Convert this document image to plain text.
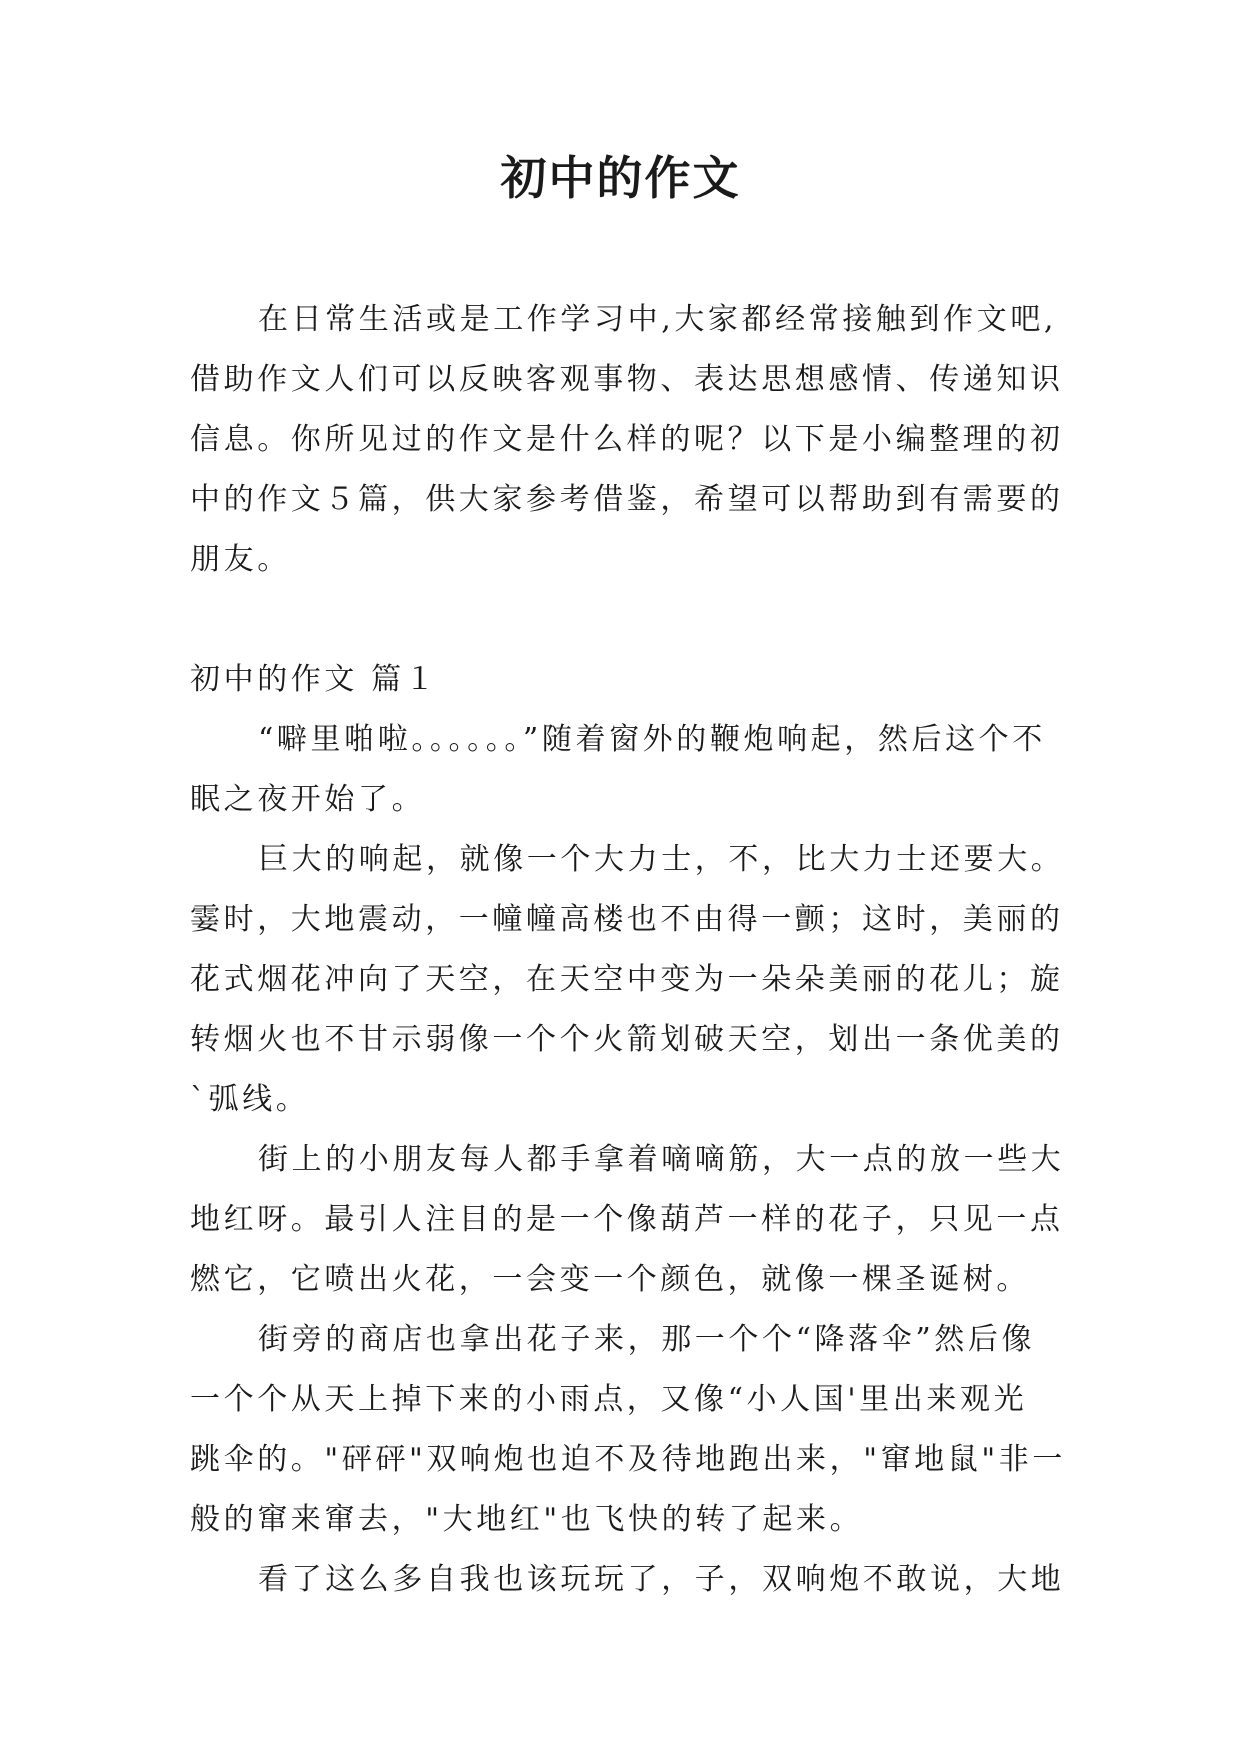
初中的作文
在日常生活或是工作学习中,大家都经常接触到作文吧,
借助作文人们可以反映客观事物、表达思想感情、传递知识
信息。你所见过的作文是什么样的呢？以下是小编整理的初
中的作文５篇，供大家参考借鉴，希望可以帮助到有需要的
朋友。
初中的作文 篇１
“噼里啪啦。。。。。。”随着窗外的鞭炮响起，然后这个不
眠之夜开始了。
巨大的响起，就像一个大力士，不，比大力士还要大。
霎时，大地震动，一幢幢高楼也不由得一颤；这时，美丽的
花式烟花冲向了天空，在天空中变为一朵朵美丽的花儿；旋
转烟火也不甘示弱像一个个火箭划破天空，划出一条优美的
`弧线。
街上的小朋友每人都手拿着嘀嘀筋，大一点的放一些大
地红呀。最引人注目的是一个像葫芦一样的花子，只见一点
燃它，它喷出火花，一会变一个颜色，就像一棵圣诞树。
街旁的商店也拿出花子来，那一个个“降落伞”然后像
一个个从天上掉下来的小雨点，又像“小人国'里出来观光
跳伞的。"砰砰"双响炮也迫不及待地跑出来，"窜地鼠"非一
般的窜来窜去，"大地红"也飞快的转了起来。
看了这么多自我也该玩玩了，子，双响炮不敢说，大地
